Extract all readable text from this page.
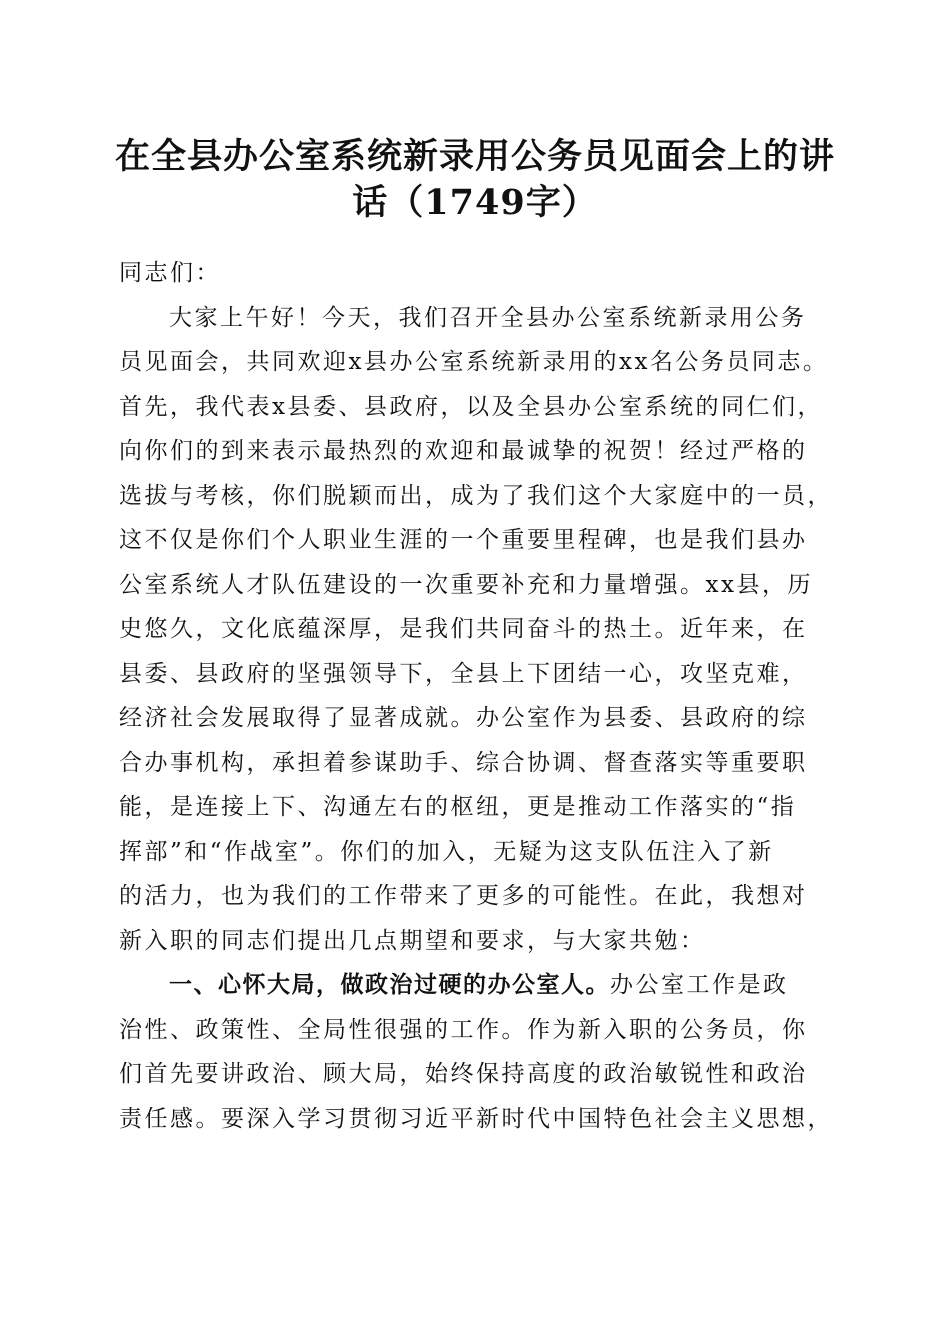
在全县办公室系统新录用公务员见面会上的讲
话（1749字）
同志们：
大家上午好！今天，我们召开全县办公室系统新录用公务
员见面会，共同欢迎x县办公室系统新录用的xx名公务员同志。
首先，我代表x县委、县政府，以及全县办公室系统的同仁们，
向你们的到来表示最热烈的欢迎和最诚挚的祝贺！经过严格的
选拔与考核，你们脱颖而出，成为了我们这个大家庭中的一员，
这不仅是你们个人职业生涯的一个重要里程碑，也是我们县办
公室系统人才队伍建设的一次重要补充和力量增强。xx县，历
史悠久，文化底蕴深厚，是我们共同奋斗的热土。近年来，在
县委、县政府的坚强领导下，全县上下团结一心，攻坚克难，
经济社会发展取得了显著成就。办公室作为县委、县政府的综
合办事机构，承担着参谋助手、综合协调、督查落实等重要职
能，是连接上下、沟通左右的枢纽，更是推动工作落实的“指
挥部”和“作战室”。你们的加入，无疑为这支队伍注入了新
的活力，也为我们的工作带来了更多的可能性。在此，我想对
新入职的同志们提出几点期望和要求，与大家共勉：
一、心怀大局，做政治过硬的办公室人。办公室工作是政
治性、政策性、全局性很强的工作。作为新入职的公务员，你
们首先要讲政治、顾大局，始终保持高度的政治敏锐性和政治
责任感。要深入学习贯彻习近平新时代中国特色社会主义思想，
